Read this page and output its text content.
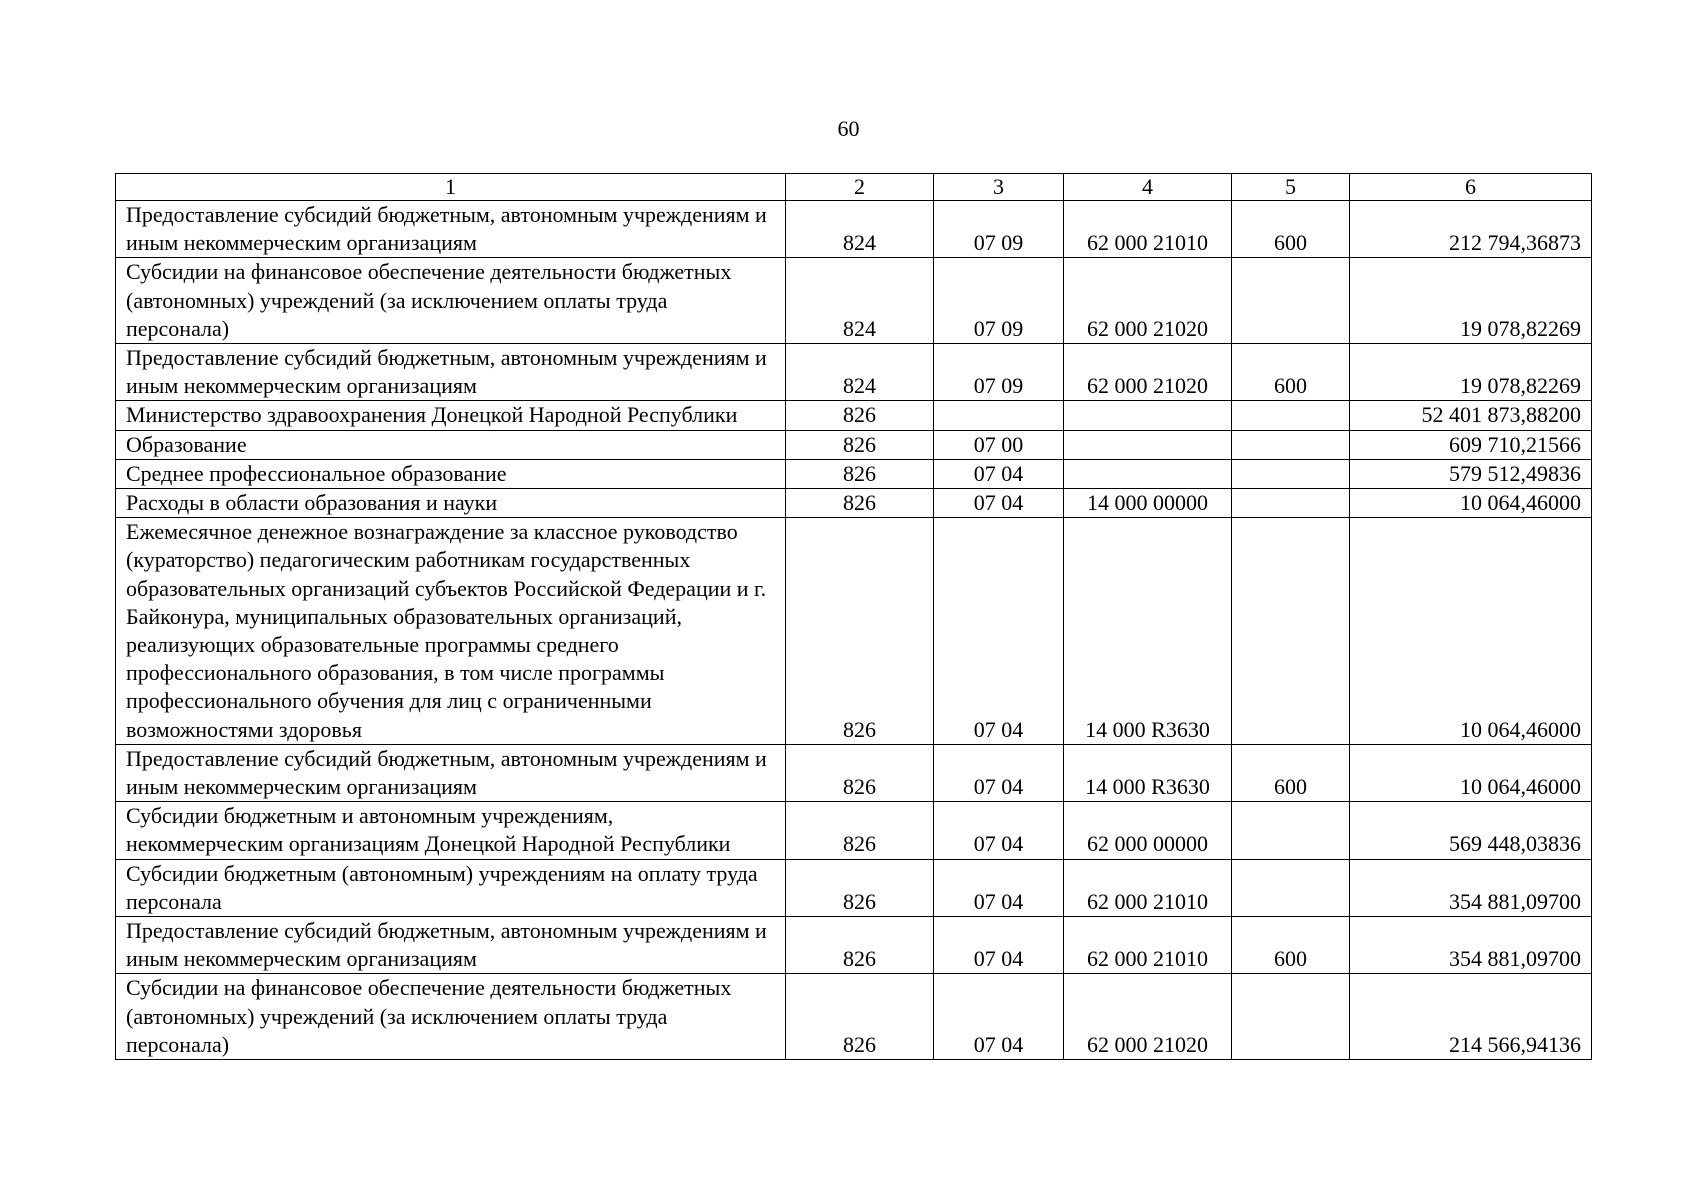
60
1	2	3	4	5	6
Предоставление субсидий бюджетным, автономным учреждениям и иным некоммерческим организациям	824	07 09	62 000 21010	600	212 794,36873
Субсидии на финансовое обеспечение деятельности бюджетных (автономных) учреждений (за исключением оплаты труда персонала)	824	07 09	62 000 21020		19 078,82269
Предоставление субсидий бюджетным, автономным учреждениям и иным некоммерческим организациям	824	07 09	62 000 21020	600	19 078,82269
Министерство здравоохранения Донецкой Народной Республики	826				52 401 873,88200
Образование	826	07 00			609 710,21566
Среднее профессиональное образование	826	07 04			579 512,49836
Расходы в области образования и науки	826	07 04	14 000 00000		10 064,46000
Ежемесячное денежное вознаграждение за классное руководство (кураторство) педагогическим работникам государственных образовательных организаций субъектов Российской Федерации и г. Байконура, муниципальных образовательных организаций, реализующих образовательные программы среднего профессионального образования, в том числе программы профессионального обучения для лиц с ограниченными возможностями здоровья	826	07 04	14 000 R3630		10 064,46000
Предоставление субсидий бюджетным, автономным учреждениям и иным некоммерческим организациям	826	07 04	14 000 R3630	600	10 064,46000
Субсидии бюджетным и автономным учреждениям, некоммерческим организациям Донецкой Народной Республики	826	07 04	62 000 00000		569 448,03836
Субсидии бюджетным (автономным) учреждениям на оплату труда персонала	826	07 04	62 000 21010		354 881,09700
Предоставление субсидий бюджетным, автономным учреждениям и иным некоммерческим организациям	826	07 04	62 000 21010	600	354 881,09700
Субсидии на финансовое обеспечение деятельности бюджетных (автономных) учреждений (за исключением оплаты труда персонала)	826	07 04	62 000 21020		214 566,94136
